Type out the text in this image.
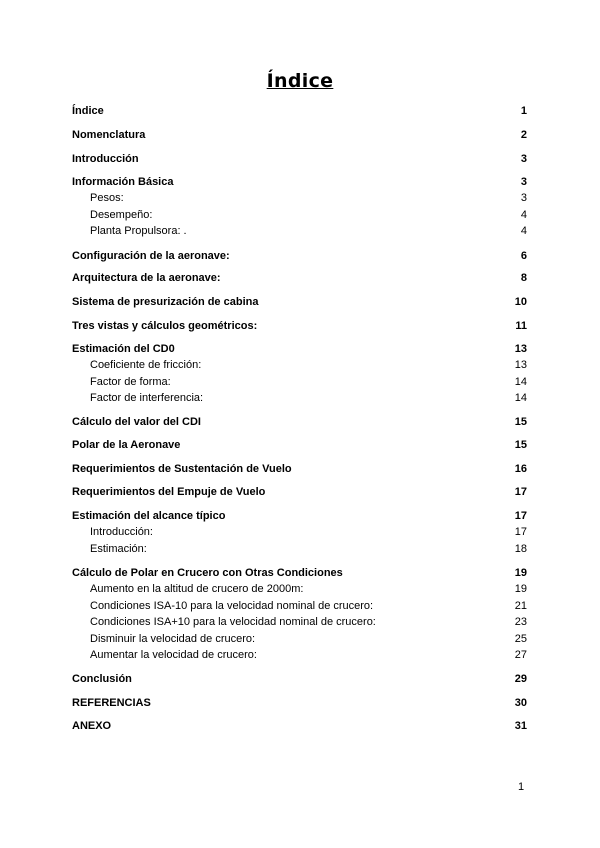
Índice
Índice	1
Nomenclatura	2
Introducción	3
Información Básica	3
Pesos:	3
Desempeño:	4
Planta Propulsora: .	4
Configuración de la aeronave:	6
Arquitectura de la aeronave:	8
Sistema de presurización de cabina	10
Tres vistas y cálculos geométricos:	11
Estimación del CD0	13
Coeficiente de fricción:	13
Factor de forma:	14
Factor de interferencia:	14
Cálculo del valor del CDI	15
Polar de la Aeronave	15
Requerimientos de Sustentación de Vuelo	16
Requerimientos del Empuje de Vuelo	17
Estimación del alcance típico	17
Introducción:	17
Estimación:	18
Cálculo de Polar en Crucero con Otras Condiciones	19
Aumento en la altitud de crucero de 2000m:	19
Condiciones ISA-10 para la velocidad nominal de crucero:	21
Condiciones ISA+10 para la velocidad nominal de crucero:	23
Disminuir la velocidad de crucero:	25
Aumentar la velocidad de crucero:	27
Conclusión	29
REFERENCIAS	30
ANEXO	31
1
